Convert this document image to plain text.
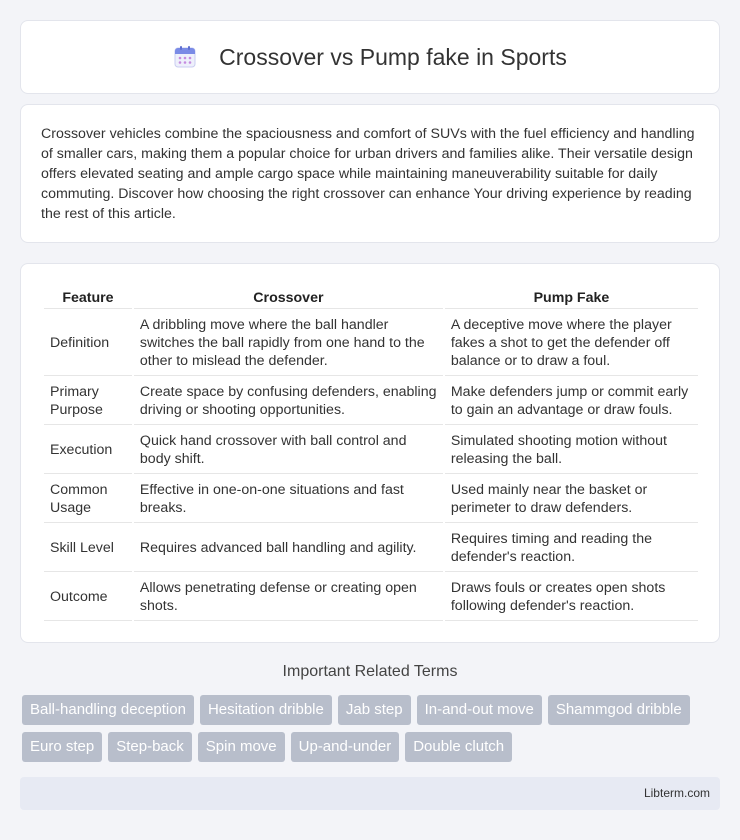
Crossover vs Pump fake in Sports

Crossover vehicles combine the spaciousness and comfort of SUVs with the fuel efficiency and handling of smaller cars, making them a popular choice for urban drivers and families alike. Their versatile design offers elevated seating and ample cargo space while maintaining maneuverability suitable for daily commuting. Discover how choosing the right crossover can enhance Your driving experience by reading the rest of this article.

Feature	Crossover	Pump Fake
Definition	A dribbling move where the ball handler switches the ball rapidly from one hand to the other to mislead the defender.	A deceptive move where the player fakes a shot to get the defender off balance or to draw a foul.
Primary Purpose	Create space by confusing defenders, enabling driving or shooting opportunities.	Make defenders jump or commit early to gain an advantage or draw fouls.
Execution	Quick hand crossover with ball control and body shift.	Simulated shooting motion without releasing the ball.
Common Usage	Effective in one-on-one situations and fast breaks.	Used mainly near the basket or perimeter to draw defenders.
Skill Level	Requires advanced ball handling and agility.	Requires timing and reading the defender's reaction.
Outcome	Allows penetrating defense or creating open shots.	Draws fouls or creates open shots following defender's reaction.
Important Related Terms
Ball-handling deception	Hesitation dribble	Jab step	In-and-out move	Shammgod dribble
Euro step	Step-back	Spin move	Up-and-under	Double clutch
Libterm.com
